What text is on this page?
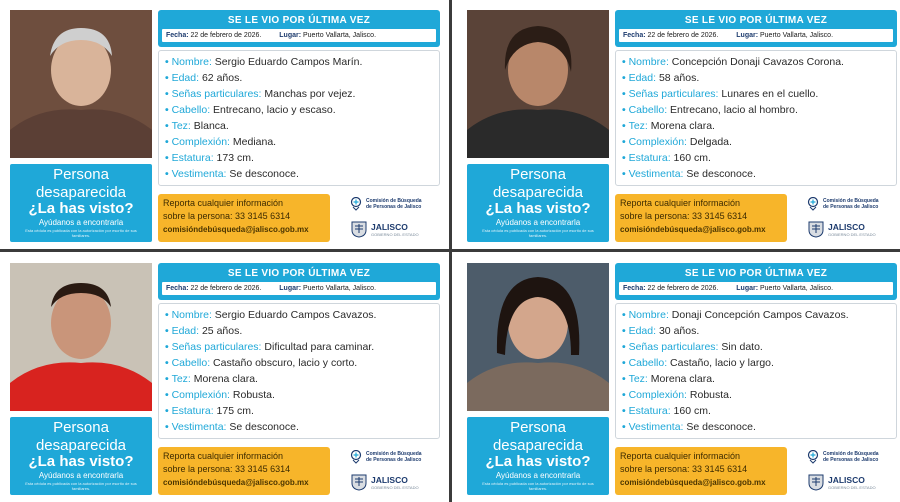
Persona
desaparecida
¿La has visto?
Ayúdanos a encontrarla
Esta cédula es publicada con la autorización por escrito de sus familiares.
SE LE VIO POR ÚLTIMA VEZ
Fecha: 22 de febrero de 2026.	Lugar: Puerto Vallarta, Jalisco.
• Nombre: Sergio Eduardo Campos Marín.
• Edad: 62 años.
• Señas particulares: Manchas por vejez.
• Cabello: Entrecano, lacio y escaso.
• Tez: Blanca.
• Complexión: Mediana.
• Estatura: 173 cm.
• Vestimenta: Se desconoce.
Reporta cualquier información
sobre la persona: 33 3145 6314
comisióndebúsqueda@jalisco.gob.mx
Comisión de Búsqueda de Personas de Jalisco
JALISCO
GOBIERNO DEL ESTADO
Persona
desaparecida
¿La has visto?
Ayúdanos a encontrarla
Esta cédula es publicada con la autorización por escrito de sus familiares.
SE LE VIO POR ÚLTIMA VEZ
Fecha: 22 de febrero de 2026.	Lugar: Puerto Vallarta, Jalisco.
• Nombre: Concepción Donaji Cavazos Corona.
• Edad: 58 años.
• Señas particulares: Lunares en el cuello.
• Cabello: Entrecano, lacio al hombro.
• Tez: Morena clara.
• Complexión: Delgada.
• Estatura: 160 cm.
• Vestimenta: Se desconoce.
Reporta cualquier información
sobre la persona: 33 3145 6314
comisióndebúsqueda@jalisco.gob.mx
Comisión de Búsqueda de Personas de Jalisco
JALISCO
GOBIERNO DEL ESTADO
Persona
desaparecida
¿La has visto?
Ayúdanos a encontrarla
Esta cédula es publicada con la autorización por escrito de sus familiares.
SE LE VIO POR ÚLTIMA VEZ
Fecha: 22 de febrero de 2026.	Lugar: Puerto Vallarta, Jalisco.
• Nombre: Sergio Eduardo Campos Cavazos.
• Edad: 25 años.
• Señas particulares: Dificultad para caminar.
• Cabello: Castaño obscuro, lacio y corto.
• Tez: Morena clara.
• Complexión: Robusta.
• Estatura: 175 cm.
• Vestimenta: Se desconoce.
Reporta cualquier información
sobre la persona: 33 3145 6314
comisióndebúsqueda@jalisco.gob.mx
Comisión de Búsqueda de Personas de Jalisco
JALISCO
GOBIERNO DEL ESTADO
Persona
desaparecida
¿La has visto?
Ayúdanos a encontrarla
Esta cédula es publicada con la autorización por escrito de sus familiares.
SE LE VIO POR ÚLTIMA VEZ
Fecha: 22 de febrero de 2026.	Lugar: Puerto Vallarta, Jalisco.
• Nombre: Donaji Concepción Campos Cavazos.
• Edad: 30 años.
• Señas particulares: Sin dato.
• Cabello: Castaño, lacio y largo.
• Tez: Morena clara.
• Complexión: Robusta.
• Estatura: 160 cm.
• Vestimenta: Se desconoce.
Reporta cualquier información
sobre la persona: 33 3145 6314
comisióndebúsqueda@jalisco.gob.mx
Comisión de Búsqueda de Personas de Jalisco
JALISCO
GOBIERNO DEL ESTADO
